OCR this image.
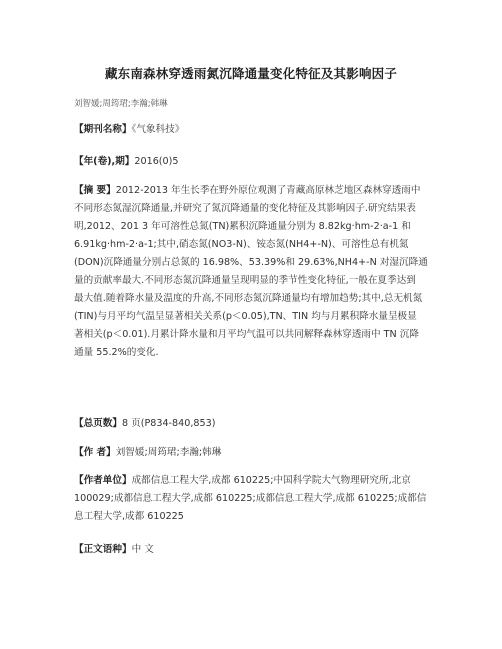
藏东南森林穿透雨氮沉降通量变化特征及其影响因子
刘智媛;周筠珺;李瀚;韩琳
【期刊名称】《气象科技》
【年(卷),期】2016(0)5
【摘 要】2012-2013 年生长季在野外原位观测了青藏高原林芝地区森林穿透雨中
不同形态氮湿沉降通量,并研究了氮沉降通量的变化特征及其影响因子.研究结果表
明,2012、201 3 年可溶性总氮(TN)累积沉降通量分别为 8.82kg·hm-2·a-1 和
6.91kg·hm-2·a-1;其中,硝态氮(NO3-N)、铵态氮(NH4+-N)、可溶性总有机氮
(DON)沉降通量分别占总氮的 16.98%、53.39%和 29.63%,NH4+-N 对湿沉降通
量的贡献率最大.不同形态氮沉降通量呈现明显的季节性变化特征,一般在夏季达到
最大值.随着降水量及温度的升高,不同形态氮沉降通量均有增加趋势;其中,总无机氮
(TIN)与月平均气温呈显著相关关系(p＜0.05),TN、TIN 均与月累积降水量呈极显
著相关(p＜0.01).月累计降水量和月平均气温可以共同解释森林穿透雨中 TN 沉降
通量 55.2%的变化.
【总页数】8 页(P834-840,853)
【作 者】刘智媛;周筠珺;李瀚;韩琳
【作者单位】成都信息工程大学,成都 610225;中国科学院大气物理研究所,北京
100029;成都信息工程大学,成都 610225;成都信息工程大学,成都 610225;成都信
息工程大学,成都 610225
【正文语种】中 文
